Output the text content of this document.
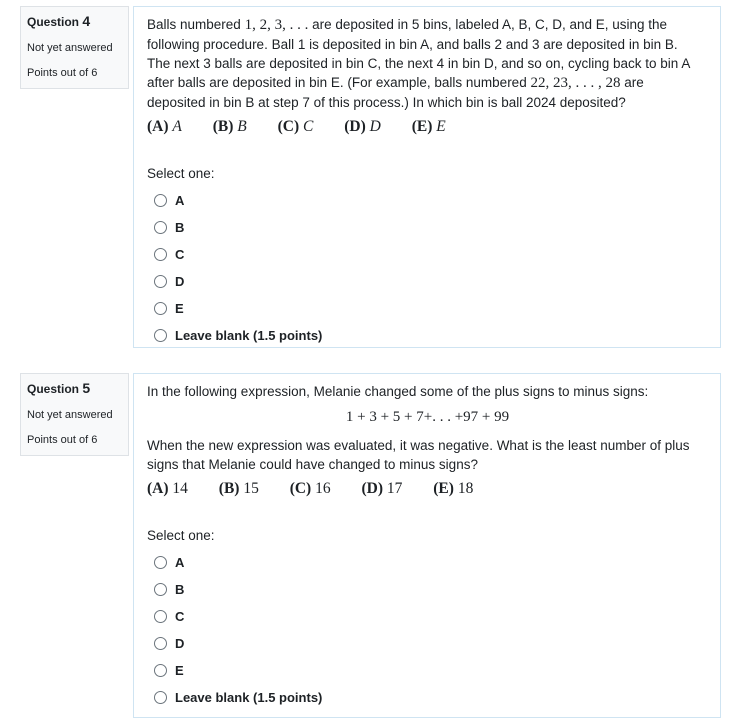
Question 4
Not yet answered
Points out of 6

Balls numbered 1, 2, 3, . . . are deposited in 5 bins, labeled A, B, C, D, and E, using the
following procedure. Ball 1 is deposited in bin A, and balls 2 and 3 are deposited in bin B.
The next 3 balls are deposited in bin C, the next 4 in bin D, and so on, cycling back to bin A
after balls are deposited in bin E. (For example, balls numbered 22, 23, . . . , 28 are
deposited in bin B at step 7 of this process.) In which bin is ball 2024 deposited?

(A) A (B) B (C) C (D) D (E) E
Select one:
A
B
C
D
E
Leave blank (1.5 points)
Question 5
Not yet answered
Points out of 6

In the following expression, Melanie changed some of the plus signs to minus signs:

1 + 3 + 5 + 7+. . . +97 + 99

When the new expression was evaluated, it was negative. What is the least number of plus
signs that Melanie could have changed to minus signs?

(A) 14 (B) 15 (C) 16 (D) 17 (E) 18
Select one:
A
B
C
D
E
Leave blank (1.5 points)
